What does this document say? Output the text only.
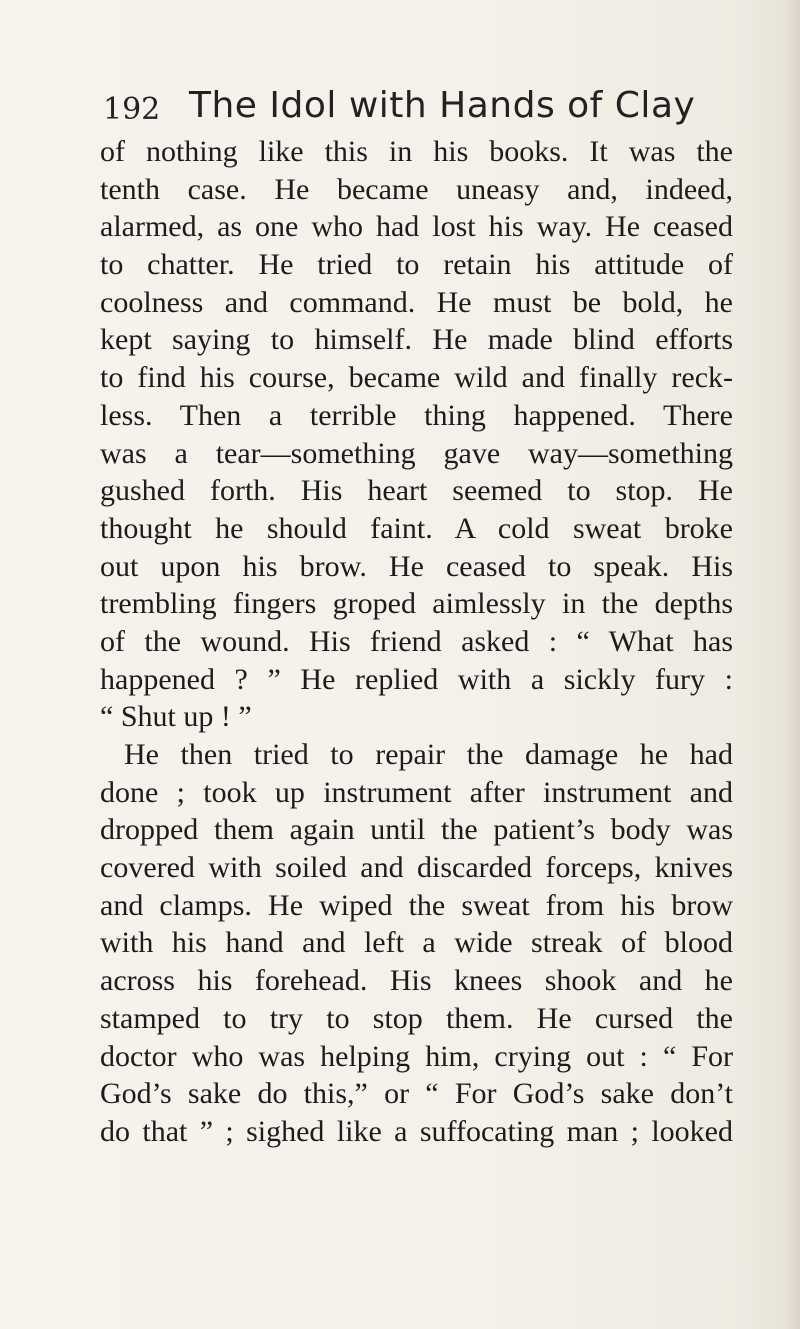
192 The Idol with Hands of Clay
of nothing like this in his books. It was the
tenth case. He became uneasy and, indeed,
alarmed, as one who had lost his way. He ceased
to chatter. He tried to retain his attitude of
coolness and command. He must be bold, he
kept saying to himself. He made blind efforts
to find his course, became wild and finally reck-
less. Then a terrible thing happened. There
was a tear—something gave way—something
gushed forth. His heart seemed to stop. He
thought he should faint. A cold sweat broke
out upon his brow. He ceased to speak. His
trembling fingers groped aimlessly in the depths
of the wound. His friend asked : “ What has
happened ? ” He replied with a sickly fury :
“ Shut up ! ”
He then tried to repair the damage he had
done ; took up instrument after instrument and
dropped them again until the patient’s body was
covered with soiled and discarded forceps, knives
and clamps. He wiped the sweat from his brow
with his hand and left a wide streak of blood
across his forehead. His knees shook and he
stamped to try to stop them. He cursed the
doctor who was helping him, crying out : “ For
God’s sake do this,” or “ For God’s sake don’t
do that ” ; sighed like a suffocating man ; looked
